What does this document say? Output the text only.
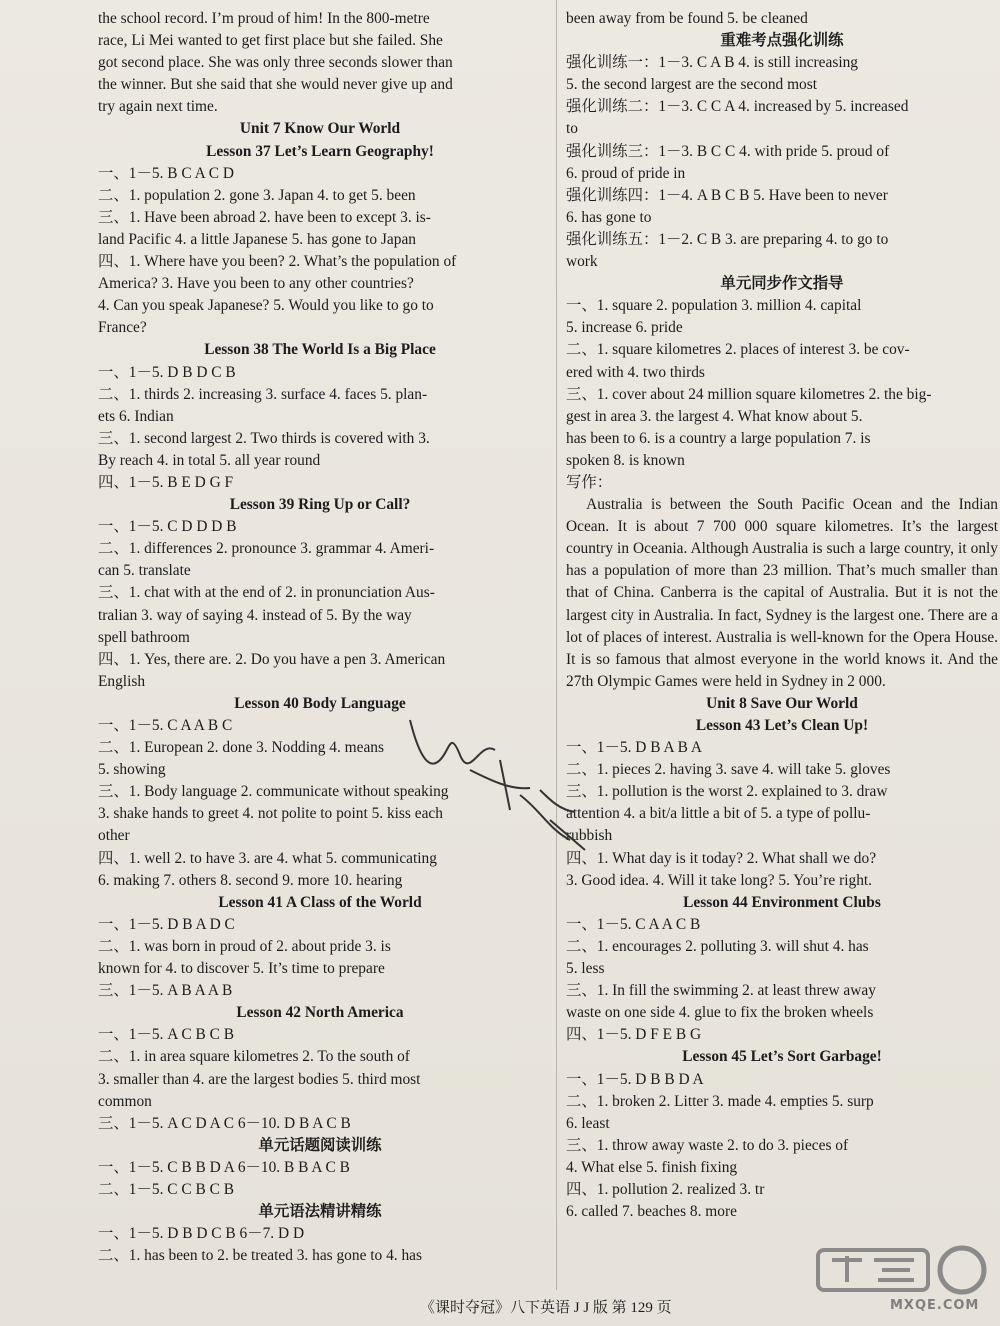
the school record. I’m proud of him! In the 800-metre
race, Li Mei wanted to get first place but she failed. She
got second place. She was only three seconds slower than
the winner. But she said that she would never give up and
try again next time.
Unit 7 Know Our World
Lesson 37 Let’s Learn Geography!
一、1－5. B C A C D
二、1. population 2. gone 3. Japan 4. to get 5. been
三、1. Have been abroad 2. have been to except 3. is-
land Pacific 4. a little Japanese 5. has gone to Japan
四、1. Where have you been? 2. What’s the population of
America? 3. Have you been to any other countries?
4. Can you speak Japanese? 5. Would you like to go to
France?
Lesson 38 The World Is a Big Place
一、1－5. D B D C B
二、1. thirds 2. increasing 3. surface 4. faces 5. plan-
ets 6. Indian
三、1. second largest 2. Two thirds is covered with 3.
By reach 4. in total 5. all year round
四、1－5. B E D G F
Lesson 39 Ring Up or Call?
一、1－5. C D D D B
二、1. differences 2. pronounce 3. grammar 4. Ameri-
can 5. translate
三、1. chat with at the end of 2. in pronunciation Aus-
tralian 3. way of saying 4. instead of 5. By the way
spell bathroom
四、1. Yes, there are. 2. Do you have a pen 3. American
English
Lesson 40 Body Language
一、1－5. C A A B C
二、1. European 2. done 3. Nodding 4. means
5. showing
三、1. Body language 2. communicate without speaking
3. shake hands to greet 4. not polite to point 5. kiss each
other
四、1. well 2. to have 3. are 4. what 5. communicating
6. making 7. others 8. second 9. more 10. hearing
Lesson 41 A Class of the World
一、1－5. D B A D C
二、1. was born in proud of 2. about pride 3. is
known for 4. to discover 5. It’s time to prepare
三、1－5. A B A A B
Lesson 42 North America
一、1－5. A C B C B
二、1. in area square kilometres 2. To the south of
3. smaller than 4. are the largest bodies 5. third most
common
三、1－5. A C D A C 6－10. D B A C B
单元话题阅读训练
一、1－5. C B B D A 6－10. B B A C B
二、1－5. C C B C B
单元语法精讲精练
一、1－5. D B D C B 6－7. D D
二、1. has been to 2. be treated 3. has gone to 4. has
been away from be found 5. be cleaned
重难考点强化训练
强化训练一：1－3. C A B 4. is still increasing
5. the second largest are the second most
强化训练二：1－3. C C A 4. increased by 5. increased
to
强化训练三：1－3. B C C 4. with pride 5. proud of
6. proud of pride in
强化训练四：1－4. A B C B 5. Have been to never
6. has gone to
强化训练五：1－2. C B 3. are preparing 4. to go to
work
单元同步作文指导
一、1. square 2. population 3. million 4. capital
5. increase 6. pride
二、1. square kilometres 2. places of interest 3. be cov-
ered with 4. two thirds
三、1. cover about 24 million square kilometres 2. the big-
gest in area 3. the largest 4. What know about 5.
has been to 6. is a country a large population 7. is
spoken 8. is known
写作：
　Australia is between the South Pacific Ocean and the Indian Ocean. It is about 7 700 000 square kilometres. It’s the largest country in Oceania. Although Australia is such a large country, it only has a population of more than 23 million. That’s much smaller than that of China. Canberra is the capital of Australia. But it is not the largest city in Australia. In fact, Sydney is the largest one. There are a lot of places of interest. Australia is well-known for the Opera House. It is so famous that almost everyone in the world knows it. And the 27th Olympic Games were held in Sydney in 2 000.
Unit 8 Save Our World
Lesson 43 Let’s Clean Up!
一、1－5. D B A B A
二、1. pieces 2. having 3. save 4. will take 5. gloves
三、1. pollution is the worst 2. explained to 3. draw
attention 4. a bit/a little a bit of 5. a type of pollu-
rubbish
四、1. What day is it today? 2. What shall we do?
3. Good idea. 4. Will it take long? 5. You’re right.
Lesson 44 Environment Clubs
一、1－5. C A A C B
二、1. encourages 2. polluting 3. will shut 4. has
5. less
三、1. In fill the swimming 2. at least threw away
waste on one side 4. glue to fix the broken wheels
四、1－5. D F E B G
Lesson 45 Let’s Sort Garbage!
一、1－5. D B B D A
二、1. broken 2. Litter 3. made 4. empties 5. surp
6. least
三、1. throw away waste 2. to do 3. pieces of
4. What else 5. finish fixing
四、1. pollution 2. realized 3. tr
6. called 7. beaches 8. more
《课时夺冠》八下英语 J J 版 第 129 页	MXQE.COM
